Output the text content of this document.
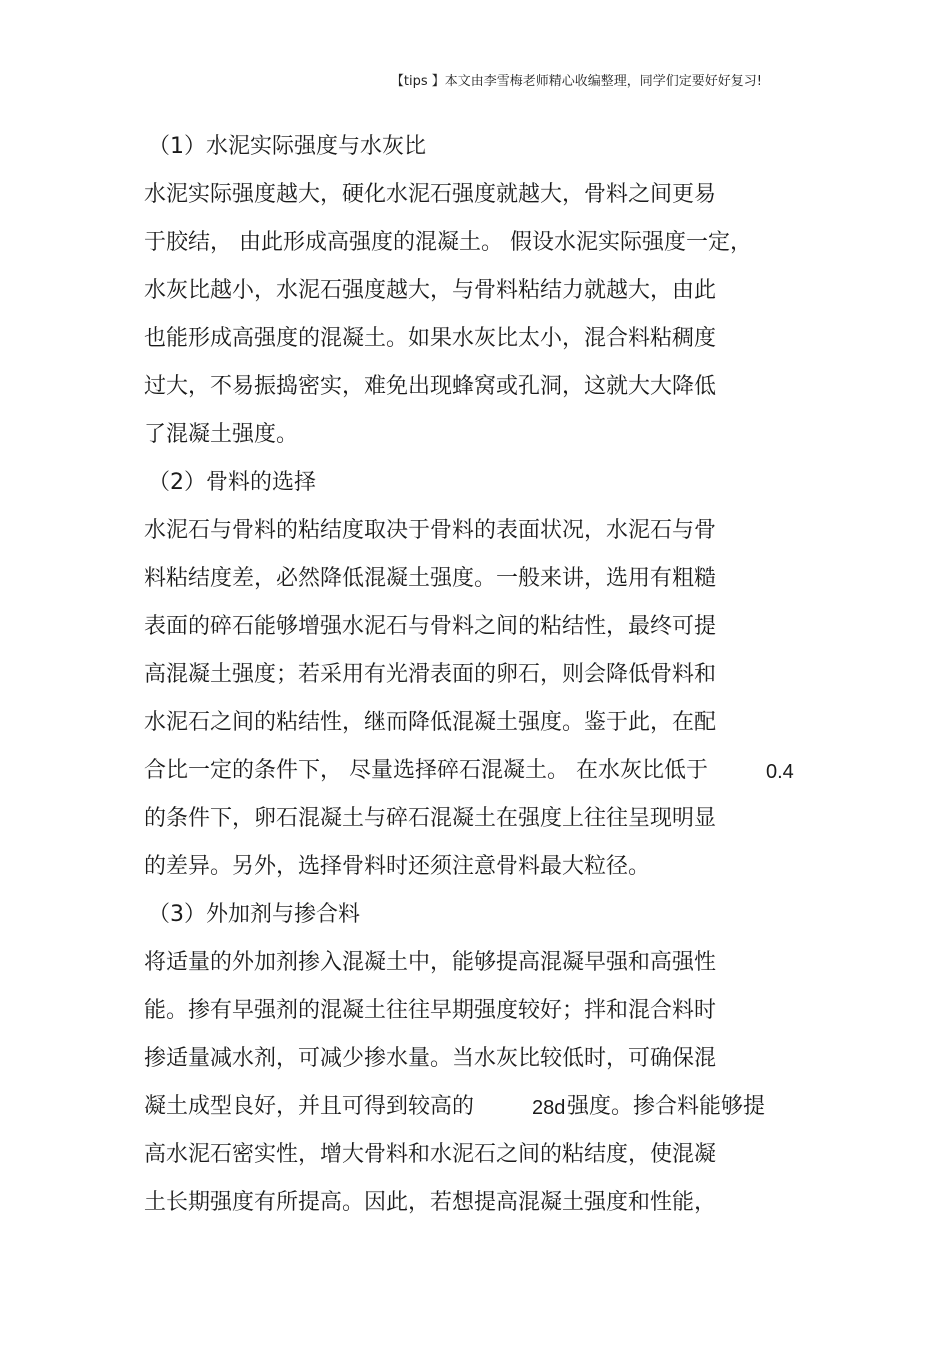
【tips 】本文由李雪梅老师精心收编整理，同学们定要好好复习!
（1）水泥实际强度与水灰比
水泥实际强度越大，硬化水泥石强度就越大，骨料之间更易
于胶结， 由此形成高强度的混凝土。 假设水泥实际强度一定，
水灰比越小，水泥石强度越大，与骨料粘结力就越大，由此
也能形成高强度的混凝土。如果水灰比太小，混合料粘稠度
过大，不易振捣密实，难免出现蜂窝或孔洞，这就大大降低
了混凝土强度。
（2）骨料的选择
水泥石与骨料的粘结度取决于骨料的表面状况，水泥石与骨
料粘结度差，必然降低混凝土强度。一般来讲，选用有粗糙
表面的碎石能够增强水泥石与骨料之间的粘结性，最终可提
高混凝土强度；若采用有光滑表面的卵石，则会降低骨料和
水泥石之间的粘结性，继而降低混凝土强度。鉴于此，在配
合比一定的条件下， 尽量选择碎石混凝土。 在水灰比低于	0.4
的条件下，卵石混凝土与碎石混凝土在强度上往往呈现明显
的差异。另外，选择骨料时还须注意骨料最大粒径。
（3）外加剂与掺合料
将适量的外加剂掺入混凝土中，能够提高混凝早强和高强性
能。掺有早强剂的混凝土往往早期强度较好；拌和混合料时
掺适量减水剂，可减少掺水量。当水灰比较低时，可确保混
凝土成型良好，并且可得到较高的	28d 强度。掺合料能够提
高水泥石密实性，增大骨料和水泥石之间的粘结度，使混凝
土长期强度有所提高。因此，若想提高混凝土强度和性能，
